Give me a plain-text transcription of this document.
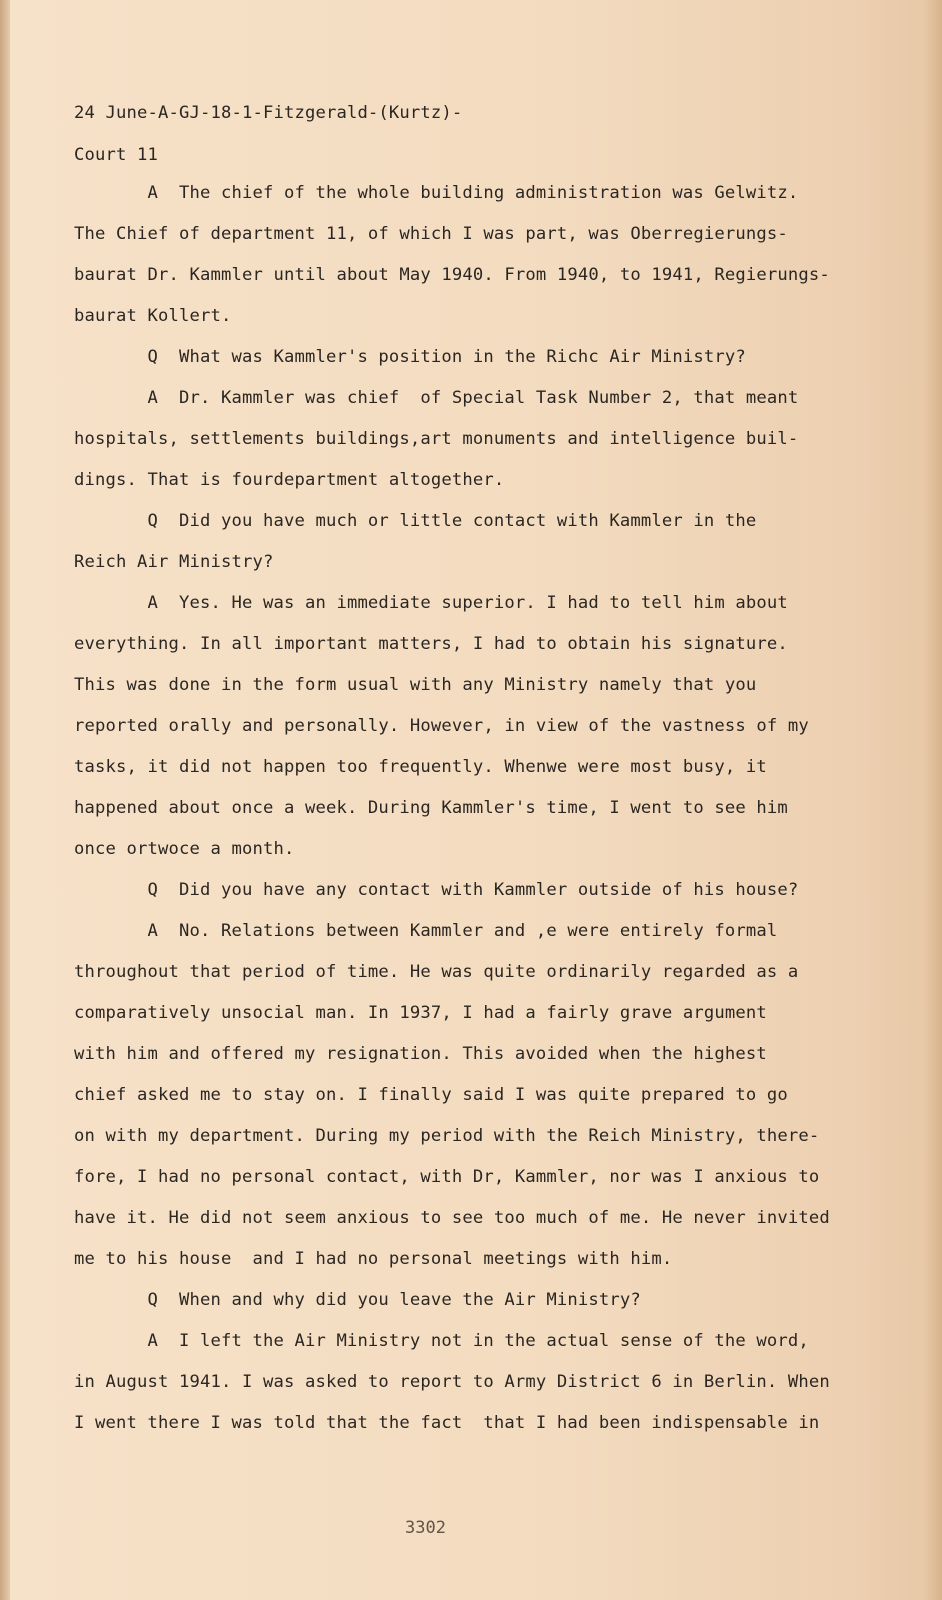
24 June-A-GJ-18-1-Fitzgerald-(Kurtz)-
Court 11
A  The chief of the whole building administration was Gelwitz.
The Chief of department 11, of which I was part, was Oberregierungs-
baurat Dr. Kammler until about May 1940. From 1940, to 1941, Regierungs-
baurat Kollert.
Q  What was Kammler's position in the Richc Air Ministry?
A  Dr. Kammler was chief  of Special Task Number 2, that meant
hospitals, settlements buildings,art monuments and intelligence buil-
dings. That is fourdepartment altogether.
Q  Did you have much or little contact with Kammler in the
Reich Air Ministry?
A  Yes. He was an immediate superior. I had to tell him about
everything. In all important matters, I had to obtain his signature.
This was done in the form usual with any Ministry namely that you
reported orally and personally. However, in view of the vastness of my
tasks, it did not happen too frequently. Whenwe were most busy, it
happened about once a week. During Kammler's time, I went to see him
once ortwoce a month.
Q  Did you have any contact with Kammler outside of his house?
A  No. Relations between Kammler and ,e were entirely formal
throughout that period of time. He was quite ordinarily regarded as a
comparatively unsocial man. In 1937, I had a fairly grave argument
with him and offered my resignation. This avoided when the highest
chief asked me to stay on. I finally said I was quite prepared to go
on with my department. During my period with the Reich Ministry, there-
fore, I had no personal contact, with Dr, Kammler, nor was I anxious to
have it. He did not seem anxious to see too much of me. He never invited
me to his house  and I had no personal meetings with him.
Q  When and why did you leave the Air Ministry?
A  I left the Air Ministry not in the actual sense of the word,
in August 1941. I was asked to report to Army District 6 in Berlin. When
I went there I was told that the fact  that I had been indispensable in
3302
